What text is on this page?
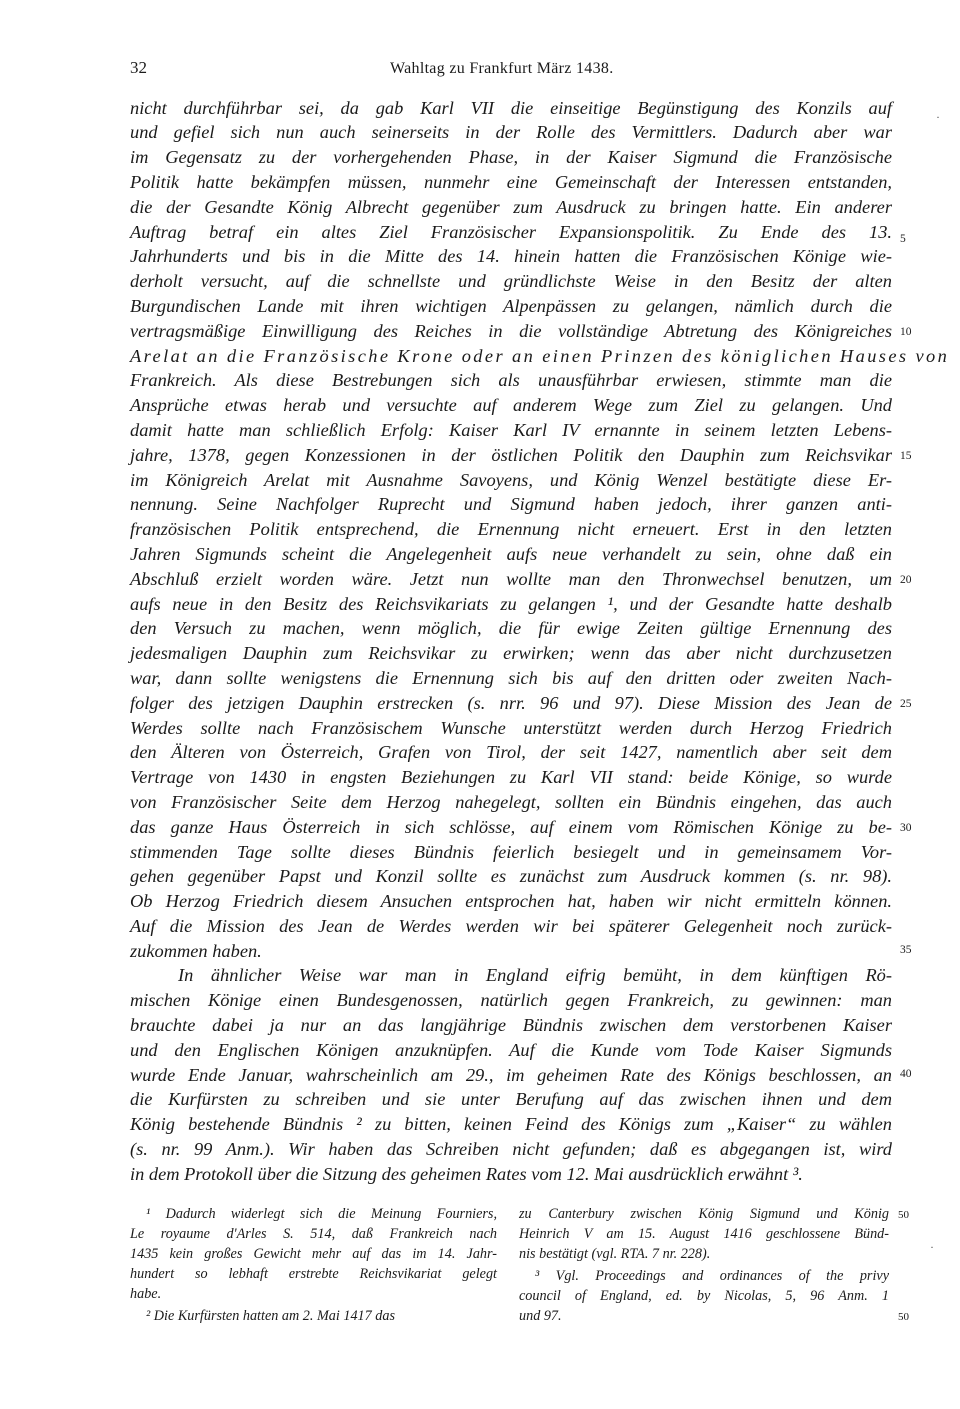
32	Wahltag zu Frankfurt März 1438.
nicht durchführbar sei, da gab Karl VII die einseitige Begünstigung des Konzils auf
und gefiel sich nun auch seinerseits in der Rolle des Vermittlers. Dadurch aber war
im Gegensatz zu der vorhergehenden Phase, in der Kaiser Sigmund die Französische
Politik hatte bekämpfen müssen, nunmehr eine Gemeinschaft der Interessen entstanden,
die der Gesandte König Albrecht gegenüber zum Ausdruck zu bringen hatte. Ein anderer
Auftrag betraf ein altes Ziel Französischer Expansionspolitik. Zu Ende des 13.
Jahrhunderts und bis in die Mitte des 14. hinein hatten die Französischen Könige wie-
derholt versucht, auf die schnellste und gründlichste Weise in den Besitz der alten
Burgundischen Lande mit ihren wichtigen Alpenpässen zu gelangen, nämlich durch die
vertragsmäßige Einwilligung des Reiches in die vollständige Abtretung des Königreiches
Arelat an die Französische Krone oder an einen Prinzen des königlichen Hauses von
Frankreich. Als diese Bestrebungen sich als unausführbar erwiesen, stimmte man die
Ansprüche etwas herab und versuchte auf anderem Wege zum Ziel zu gelangen. Und
damit hatte man schließlich Erfolg: Kaiser Karl IV ernannte in seinem letzten Lebens-
jahre, 1378, gegen Konzessionen in der östlichen Politik den Dauphin zum Reichsvikar
im Königreich Arelat mit Ausnahme Savoyens, und König Wenzel bestätigte diese Er-
nennung. Seine Nachfolger Ruprecht und Sigmund haben jedoch, ihrer ganzen anti-
französischen Politik entsprechend, die Ernennung nicht erneuert. Erst in den letzten
Jahren Sigmunds scheint die Angelegenheit aufs neue verhandelt zu sein, ohne daß ein
Abschluß erzielt worden wäre. Jetzt nun wollte man den Thronwechsel benutzen, um
aufs neue in den Besitz des Reichsvikariats zu gelangen ¹, und der Gesandte hatte deshalb
den Versuch zu machen, wenn möglich, die für ewige Zeiten gültige Ernennung des
jedesmaligen Dauphin zum Reichsvikar zu erwirken; wenn das aber nicht durchzusetzen
war, dann sollte wenigstens die Ernennung sich bis auf den dritten oder zweiten Nach-
folger des jetzigen Dauphin erstrecken (s. nrr. 96 und 97). Diese Mission des Jean de
Werdes sollte nach Französischem Wunsche unterstützt werden durch Herzog Friedrich
den Älteren von Österreich, Grafen von Tirol, der seit 1427, namentlich aber seit dem
Vertrage von 1430 in engsten Beziehungen zu Karl VII stand: beide Könige, so wurde
von Französischer Seite dem Herzog nahegelegt, sollten ein Bündnis eingehen, das auch
das ganze Haus Österreich in sich schlösse, auf einem vom Römischen Könige zu be-
stimmenden Tage sollte dieses Bündnis feierlich besiegelt und in gemeinsamem Vor-
gehen gegenüber Papst und Konzil sollte es zunächst zum Ausdruck kommen (s. nr. 98).
Ob Herzog Friedrich diesem Ansuchen entsprochen hat, haben wir nicht ermitteln können.
Auf die Mission des Jean de Werdes werden wir bei späterer Gelegenheit noch zurück-
zukommen haben.
In ähnlicher Weise war man in England eifrig bemüht, in dem künftigen Rö-
mischen Könige einen Bundesgenossen, natürlich gegen Frankreich, zu gewinnen: man
brauchte dabei ja nur an das langjährige Bündnis zwischen dem verstorbenen Kaiser
und den Englischen Königen anzuknüpfen. Auf die Kunde vom Tode Kaiser Sigmunds
wurde Ende Januar, wahrscheinlich am 29., im geheimen Rate des Königs beschlossen, an
die Kurfürsten zu schreiben und sie unter Berufung auf das zwischen ihnen und dem
König bestehende Bündnis ² zu bitten, keinen Feind des Königs zum „Kaiser“ zu wählen
(s. nr. 99 Anm.). Wir haben das Schreiben nicht gefunden; daß es abgegangen ist, wird
in dem Protokoll über die Sitzung des geheimen Rates vom 12. Mai ausdrücklich erwähnt ³.
5
10
15
20
25
30
35
40
¹ Dadurch widerlegt sich die Meinung Fourniers,
Le royaume d'Arles S. 514, daß Frankreich nach
1435 kein großes Gewicht mehr auf das im 14. Jahr-
hundert so lebhaft erstrebte Reichsvikariat gelegt
habe.
² Die Kurfürsten hatten am 2. Mai 1417 das
zu Canterbury zwischen König Sigmund und König
Heinrich V am 15. August 1416 geschlossene Bünd-
nis bestätigt (vgl. RTA. 7 nr. 228).
³ Vgl. Proceedings and ordinances of the privy
council of England, ed. by Nicolas, 5, 96 Anm. 1
und 97.
50
50
·
·
